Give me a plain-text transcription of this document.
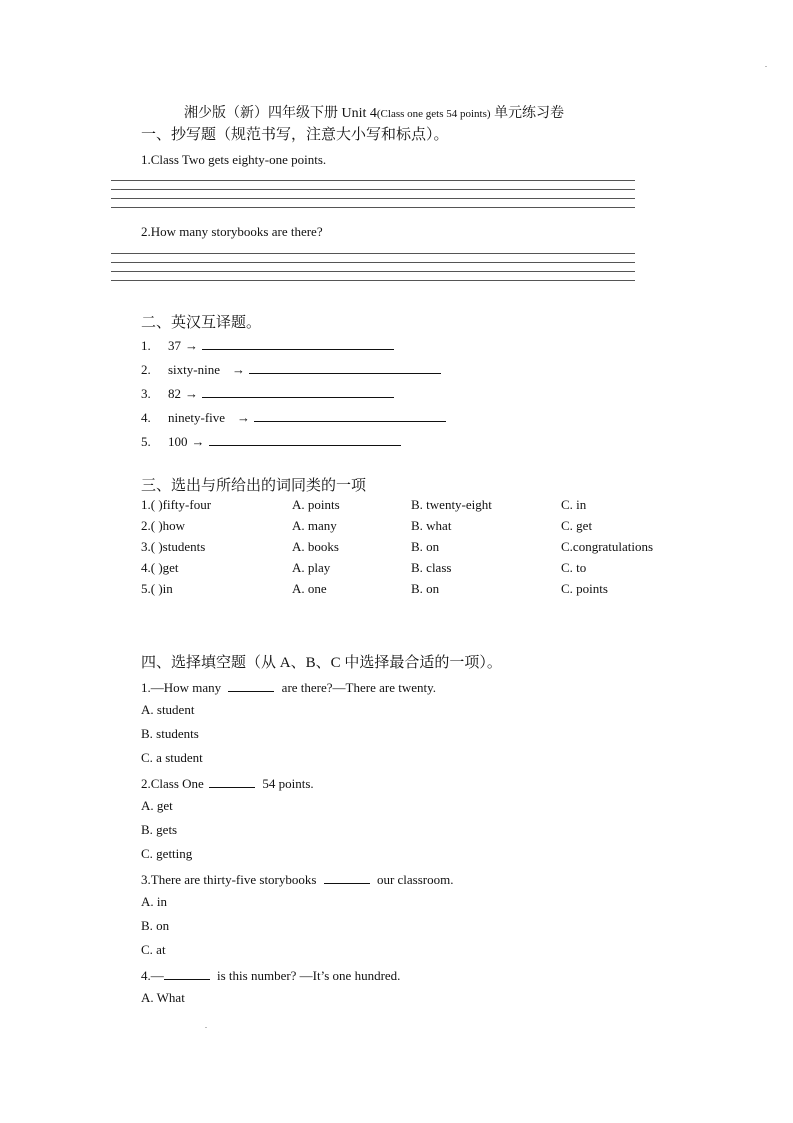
湘少版（新）四年级下册 Unit 4(Class one gets 54 points) 单元练习卷
一、抄写题（规范书写，注意大小写和标点）。
1.Class Two gets eighty-one points.
2.How many storybooks are there?
二、英汉互译题。
1. 37 →
2. sixty-nine →
3. 82 →
4. ninety-five →
5. 100 →
三、选出与所给出的词同类的一项
1.( )fifty-four	A. points	B. twenty-eight	C. in
2.( )how	A. many	B. what	C. get
3.( )students	A. books	B. on	C.congratulations
4.( )get	A. play	B. class	C. to
5.( )in	A. one	B. on	C. points
四、选择填空题（从 A、B、C 中选择最合适的一项）。
1.—How many	are there?—There are twenty.
A. student
B. students
C. a student
2.Class One	54 points.
A. get
B. gets
C. getting
3.There are thirty-five storybooks	our classroom.
A. in
B. on
C. at
4.—	is this number? —It’s one hundred.
A. What
